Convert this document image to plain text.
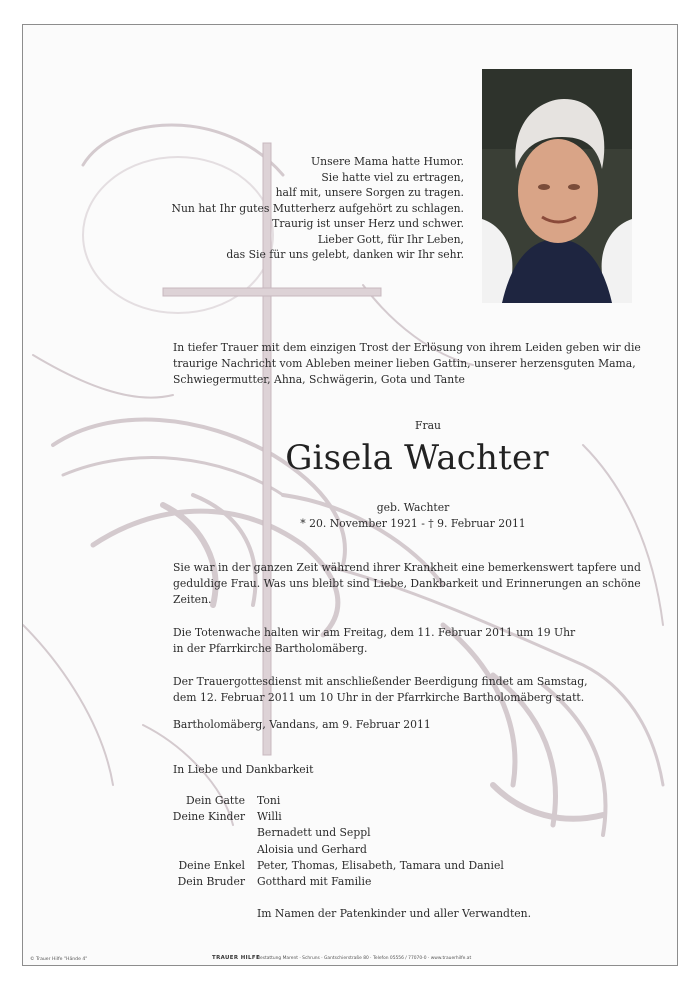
Unsere Mama hatte Humor.
Sie hatte viel zu ertragen,
half mit, unsere Sorgen zu tragen.
Nun hat Ihr gutes Mutterherz aufgehört zu schlagen.
Traurig ist unser Herz und schwer.
Lieber Gott, für Ihr Leben,
das Sie für uns gelebt, danken wir Ihr sehr.
In tiefer Trauer mit dem einzigen Trost der Erlösung von ihrem Leiden geben wir die
traurige Nachricht vom Ableben meiner lieben Gattin, unserer herzensguten Mama,
Schwiegermutter, Ahna, Schwägerin, Gota und Tante
Frau
Gisela Wachter
geb. Wachter
* 20. November 1921 - † 9. Februar 2011
Sie war in der ganzen Zeit während ihrer Krankheit eine bemerkenswert tapfere und
geduldige Frau. Was uns bleibt sind Liebe, Dankbarkeit und Erinnerungen an schöne
Zeiten.
Die Totenwache halten wir am Freitag, dem 11. Februar 2011 um 19 Uhr
in der Pfarrkirche Bartholomäberg.
Der Trauergottesdienst mit anschließender Beerdigung findet am Samstag,
dem 12. Februar 2011 um 10 Uhr in der Pfarrkirche Bartholomäberg statt.
Bartholomäberg, Vandans, am 9. Februar 2011
In Liebe und Dankbarkeit
Dein Gatte	Toni
Deine Kinder	Willi
Bernadett und Seppl
Aloisia und Gerhard
Deine Enkel	Peter, Thomas, Elisabeth, Tamara und Daniel
Dein Bruder	Gotthard mit Familie

Im Namen der Patenkinder und aller Verwandten.
© Trauer Hilfe "Hände 4"	TRAUER HILFE
Bestattung Marent · Schruns · Gantschierstraße 80 · Telefon 05556 / 77070-0 · www.trauerhilfe.at
